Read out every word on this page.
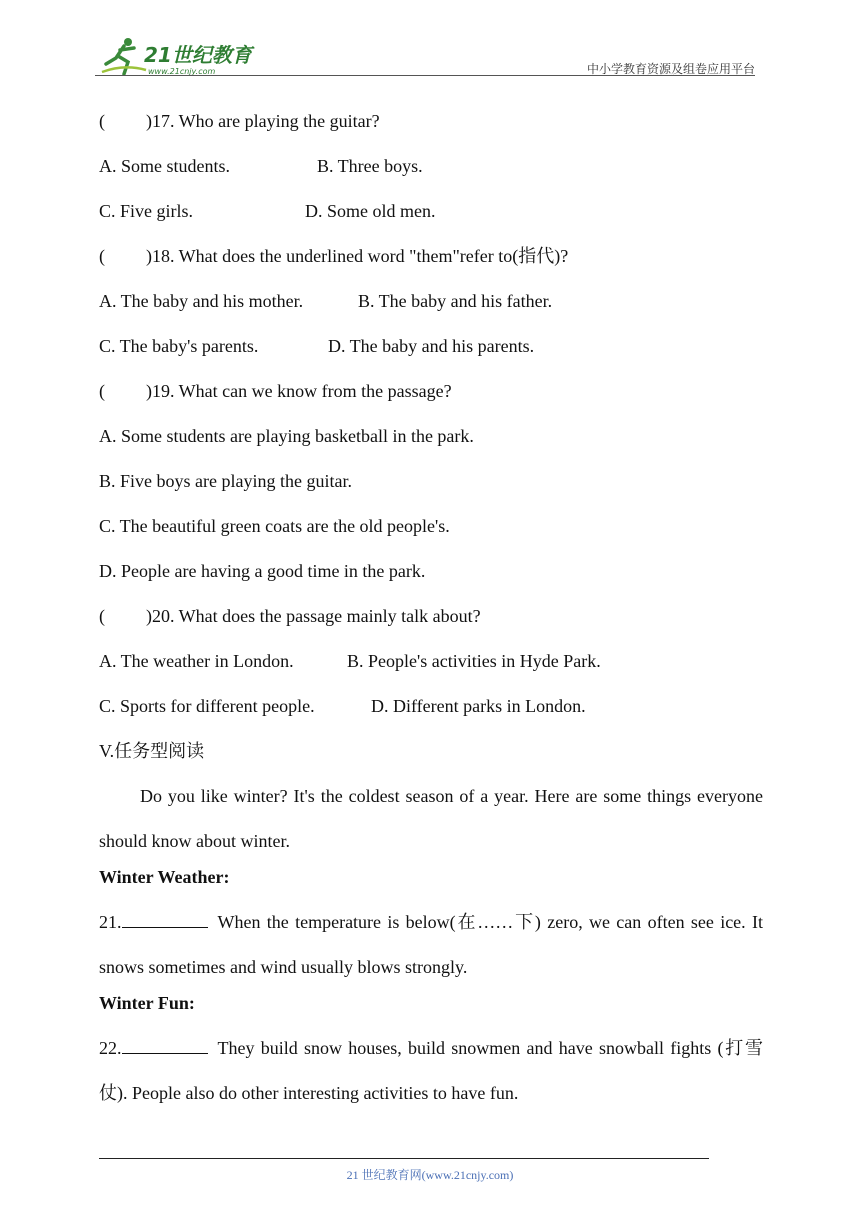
21世纪教育
www.21cnjy.com	中小学教育资源及组卷应用平台
( )17. Who are playing the guitar?
A. Some students.	B. Three boys.
C. Five girls.	D. Some old men.
( )18. What does the underlined word "them"refer to(指代)?
A. The baby and his mother.	B. The baby and his father.
C. The baby's parents.	D. The baby and his parents.
( )19. What can we know from the passage?
A. Some students are playing basketball in the park.
B. Five boys are playing the guitar.
C. The beautiful green coats are the old people's.
D. People are having a good time in the park.
( )20. What does the passage mainly talk about?
A. The weather in London.	B. People's activities in Hyde Park.
C. Sports for different people.	D. Different parks in London.
V.任务型阅读

Do you like winter? It's the coldest season of a year. Here are some things everyone should know about winter.

Winter Weather:

21.	When the temperature is below(在……下) zero, we can often see ice. It snows sometimes and wind usually blows strongly.

Winter Fun:

22.	They build snow houses, build snowmen and have snowball fights (打雪仗). People also do other interesting activities to have fun.

21 世纪教育网(www.21cnjy.com)
